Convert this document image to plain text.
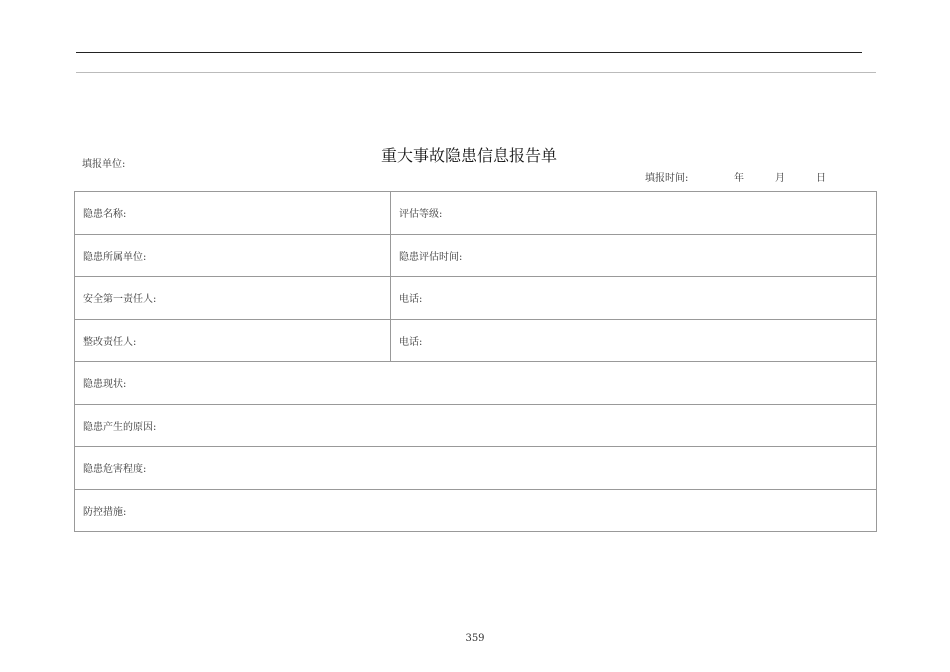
填报单位:	重大事故隐患信息报告单
填报时间:	年	月	日
隐患名称:	评估等级:
隐患所属单位:	隐患评估时间:
安全第一责任人:	电话:
整改责任人:	电话:
隐患现状:	
隐患产生的原因:	
隐患危害程度:	
防控措施:	
359
